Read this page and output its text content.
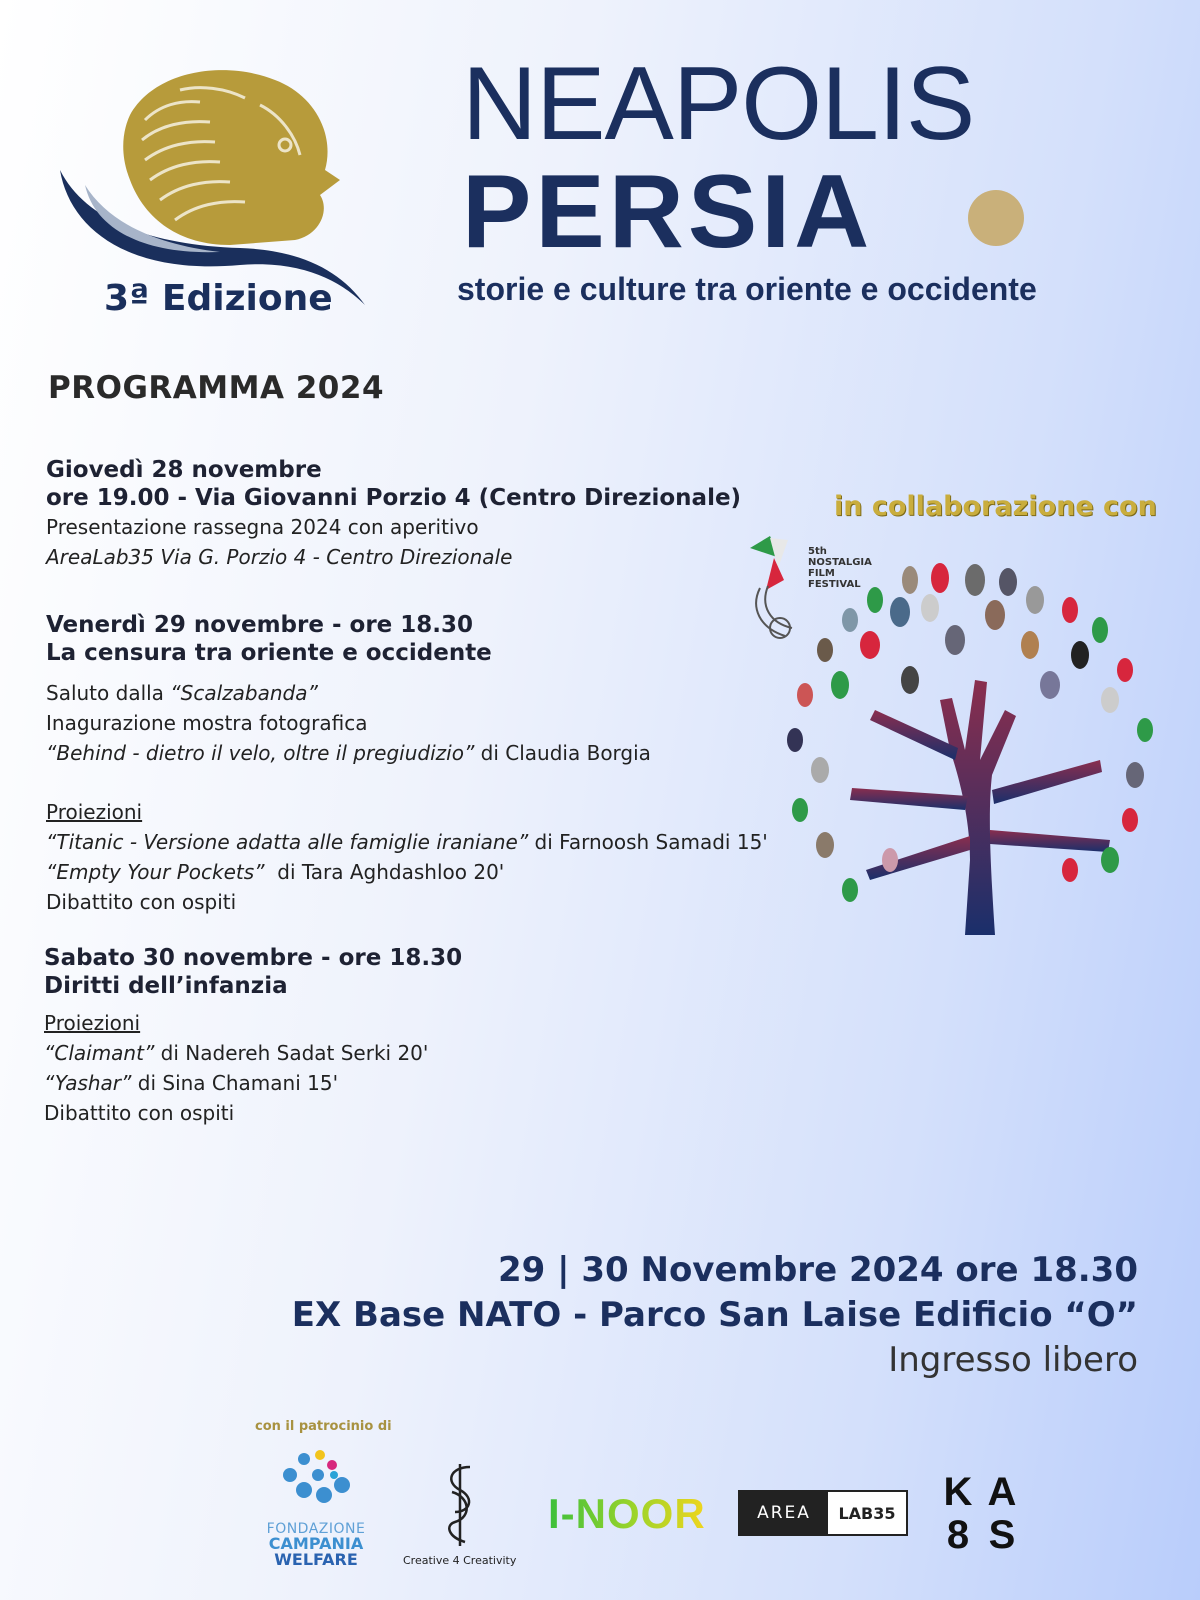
3ª Edizione
NEAPOLIS
PERSIA
storie e culture tra oriente e occidente
PROGRAMMA 2024
Giovedì 28 novembre
ore 19.00 - Via Giovanni Porzio 4 (Centro Direzionale)
Presentazione rassegna 2024 con aperitivo
AreaLab35 Via G. Porzio 4 - Centro Direzionale
Venerdì 29 novembre - ore 18.30
La censura tra oriente e occidente
Saluto dalla “Scalzabanda”
Inagurazione mostra fotografica
“Behind - dietro il velo, oltre il pregiudizio” di Claudia Borgia
Proiezioni
“Titanic - Versione adatta alle famiglie iraniane” di Farnoosh Samadi 15'
“Empty Your Pockets”  di Tara Aghdashloo 20'
Dibattito con ospiti
Sabato 30 novembre - ore 18.30
Diritti dell’infanzia
Proiezioni
“Claimant” di Nadereh Sadat Serki 20'
“Yashar” di Sina Chamani 15'
Dibattito con ospiti
in collaborazione con
5th
NOSTALGIA
FILM
FESTIVAL
29 | 30 Novembre 2024 ore 18.30
EX Base NATO - Parco San Laise Edificio “O”
Ingresso libero
con il patrocinio di
FONDAZIONE
CAMPANIA
WELFARE	Creative 4 Creativity
I-NOOR	AREA	LAB35 K A
8 S
